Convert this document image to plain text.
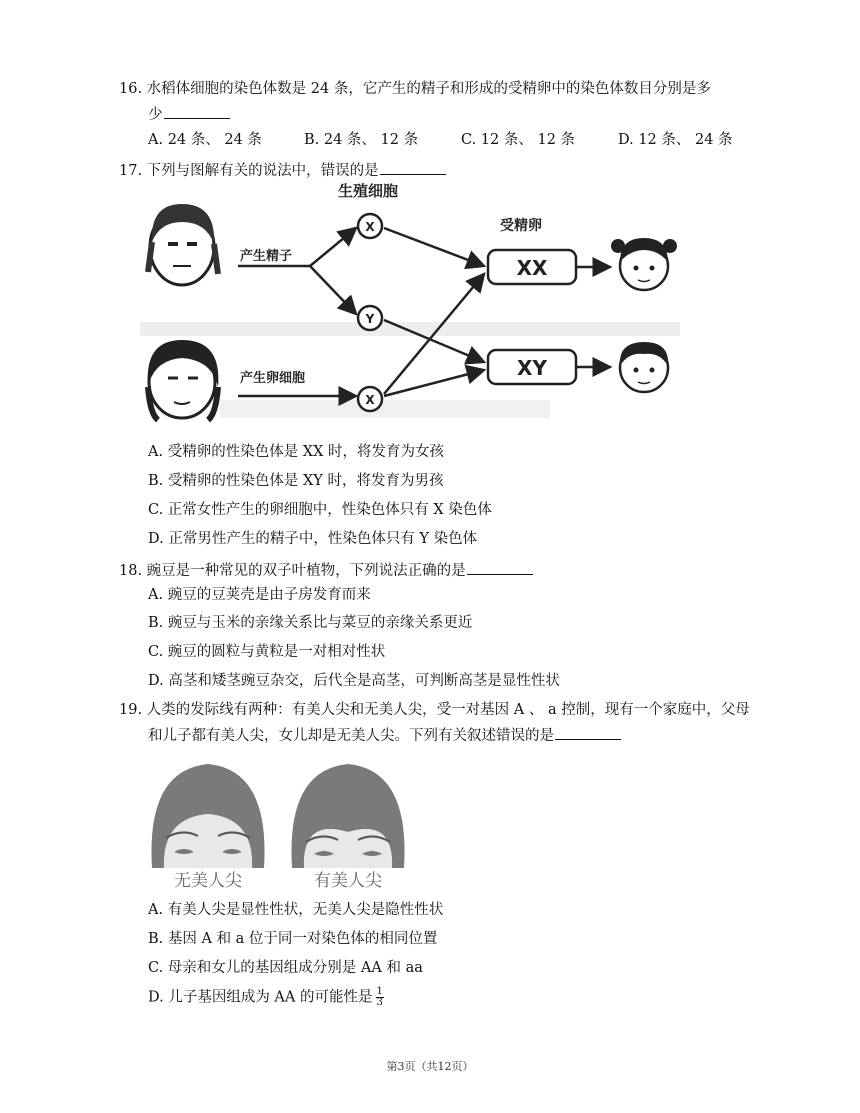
16. 水稻体细胞的染色体数是 24 条，它产生的精子和形成的受精卵中的染色体数目分别是多
少
A. 24 条、 24 条	B. 24 条、 12 条	C. 12 条、 12 条	D. 12 条、 24 条
17. 下列与图解有关的说法中，错误的是
生殖细胞
产生精子
产生卵细胞
受精卵
X
Y
X
XX
XY
A. 受精卵的性染色体是 XX 时，将发育为女孩
B. 受精卵的性染色体是 XY 时，将发育为男孩
C. 正常女性产生的卵细胞中，性染色体只有 X 染色体
D. 正常男性产生的精子中，性染色体只有 Y 染色体
18. 豌豆是一种常见的双子叶植物，下列说法正确的是
A. 豌豆的豆荚壳是由子房发育而来
B. 豌豆与玉米的亲缘关系比与菜豆的亲缘关系更近
C. 豌豆的圆粒与黄粒是一对相对性状
D. 高茎和矮茎豌豆杂交，后代全是高茎，可判断高茎是显性性状
19. 人类的发际线有两种：有美人尖和无美人尖，受一对基因 A 、 a 控制，现有一个家庭中，父母
和儿子都有美人尖，女儿却是无美人尖。下列有关叙述错误的是
无美人尖	有美人尖
A. 有美人尖是显性性状，无美人尖是隐性性状
B. 基因 A 和 a 位于同一对染色体的相同位置
C. 母亲和女儿的基因组成分别是 AA 和 aa
D. 儿子基因组成为 AA 的可能性是 $\frac{1}{3}$
第3页（共12页）
